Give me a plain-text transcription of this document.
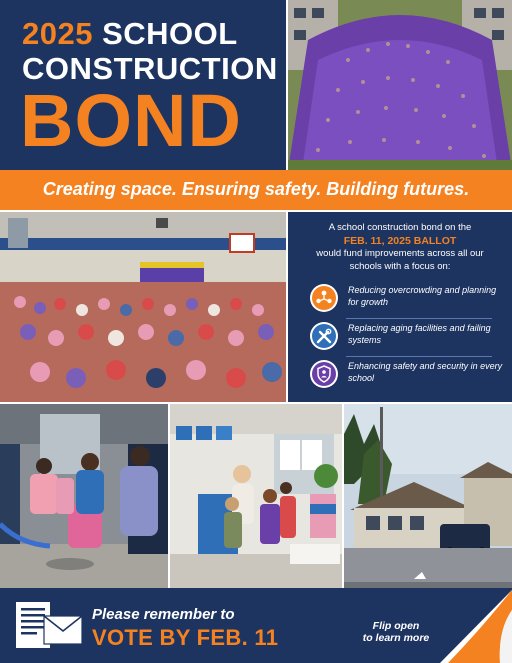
2025 SCHOOL
CONSTRUCTION
BOND
Creating space. Ensuring safety. Building futures.
A school construction bond on the
FEB. 11, 2025 BALLOT
would fund improvements across all our schools with a focus on:
Reducing overcrowding and planning for growth
Replacing aging facilities and failing systems
Enhancing safety and security in every school
Please remember to
VOTE BY FEB. 11	Flip open
to learn more
